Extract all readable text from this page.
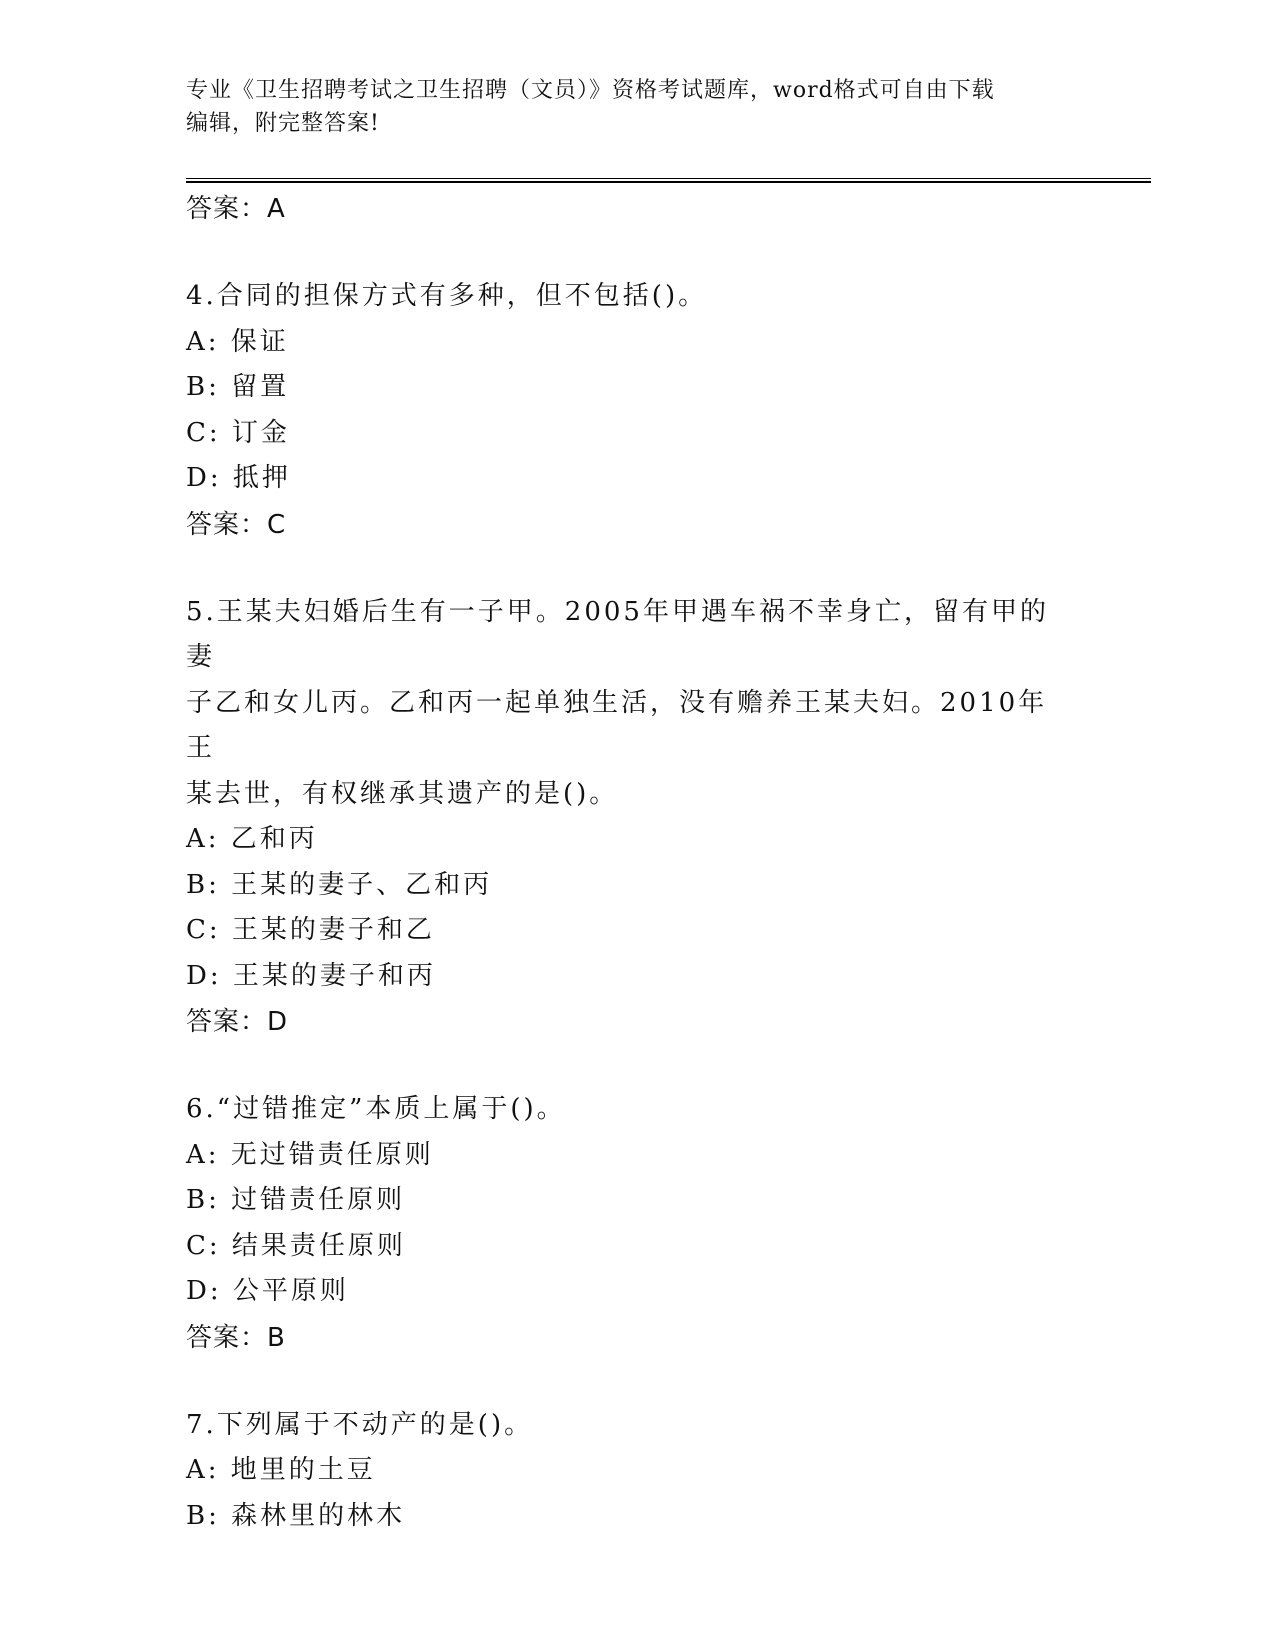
专业《卫生招聘考试之卫生招聘（文员）》资格考试题库，word格式可自由下载
编辑，附完整答案!
答案：A
4.合同的担保方式有多种，但不包括()。
A: 保证
B: 留置
C: 订金
D: 抵押
答案：C
5.王某夫妇婚后生有一子甲。2005年甲遇车祸不幸身亡，留有甲的妻
子乙和女儿丙。乙和丙一起单独生活，没有赡养王某夫妇。2010年王
某去世，有权继承其遗产的是()。
A: 乙和丙
B: 王某的妻子、乙和丙
C: 王某的妻子和乙
D: 王某的妻子和丙
答案：D
6.“过错推定”本质上属于()。
A: 无过错责任原则
B: 过错责任原则
C: 结果责任原则
D: 公平原则
答案：B
7.下列属于不动产的是()。
A: 地里的土豆
B: 森林里的林木
